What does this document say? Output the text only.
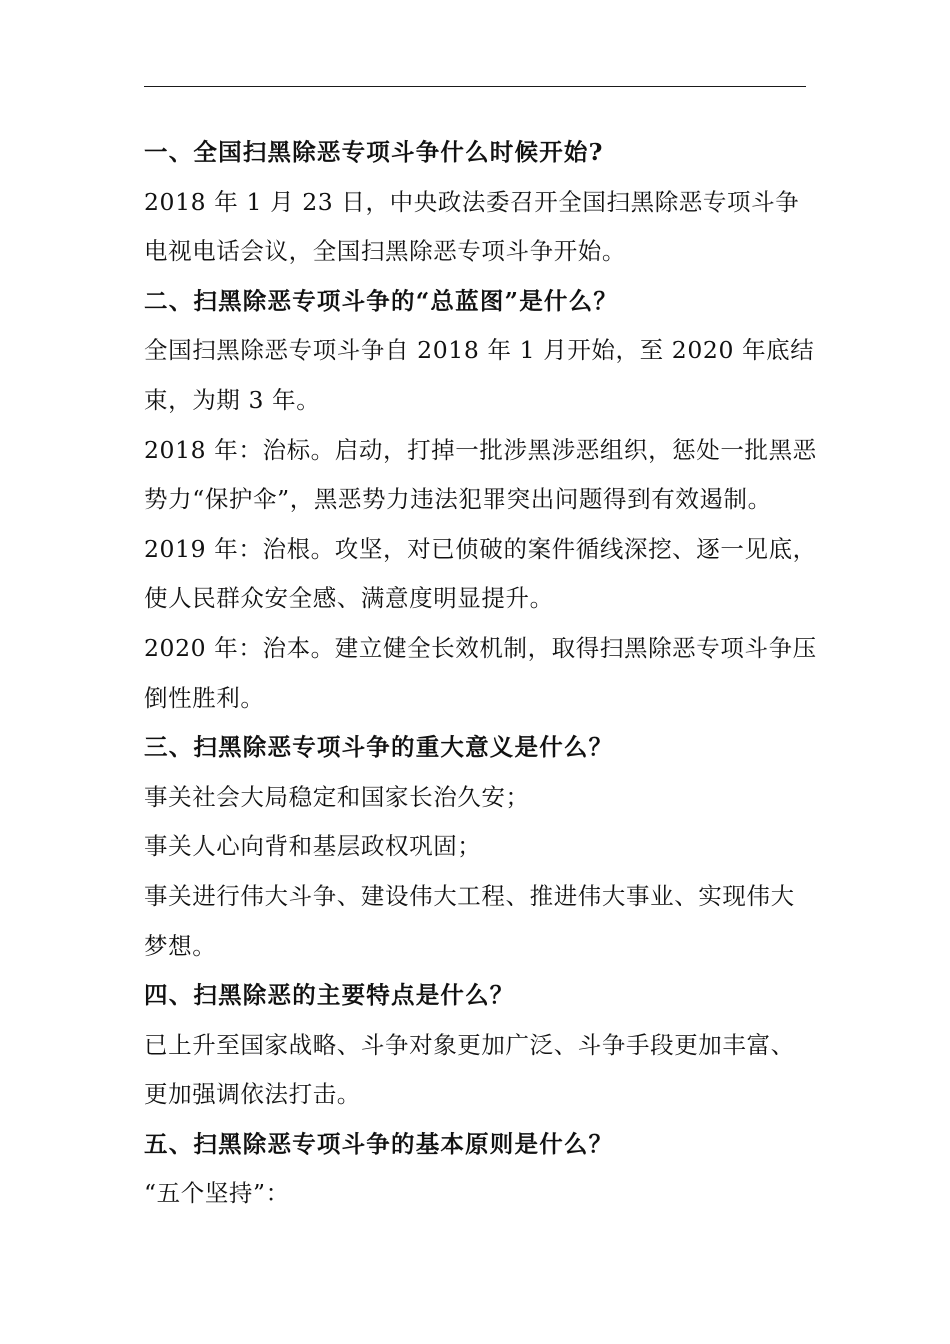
一、全国扫黑除恶专项斗争什么时候开始?
2018 年 1 月 23 日，中央政法委召开全国扫黑除恶专项斗争
电视电话会议，全国扫黑除恶专项斗争开始。
二、扫黑除恶专项斗争的“总蓝图”是什么？
全国扫黑除恶专项斗争自 2018 年 1 月开始，至 2020 年底结
束，为期 3 年。
2018 年：治标。启动，打掉一批涉黑涉恶组织，惩处一批黑恶
势力“保护伞”，黑恶势力违法犯罪突出问题得到有效遏制。
2019 年：治根。攻坚，对已侦破的案件循线深挖、逐一见底，
使人民群众安全感、满意度明显提升。
2020 年：治本。建立健全长效机制，取得扫黑除恶专项斗争压
倒性胜利。
三、扫黑除恶专项斗争的重大意义是什么？
事关社会大局稳定和国家长治久安；
事关人心向背和基层政权巩固；
事关进行伟大斗争、建设伟大工程、推进伟大事业、实现伟大
梦想。
四、扫黑除恶的主要特点是什么？
已上升至国家战略、斗争对象更加广泛、斗争手段更加丰富、
更加强调依法打击。
五、扫黑除恶专项斗争的基本原则是什么？
“五个坚持”：
